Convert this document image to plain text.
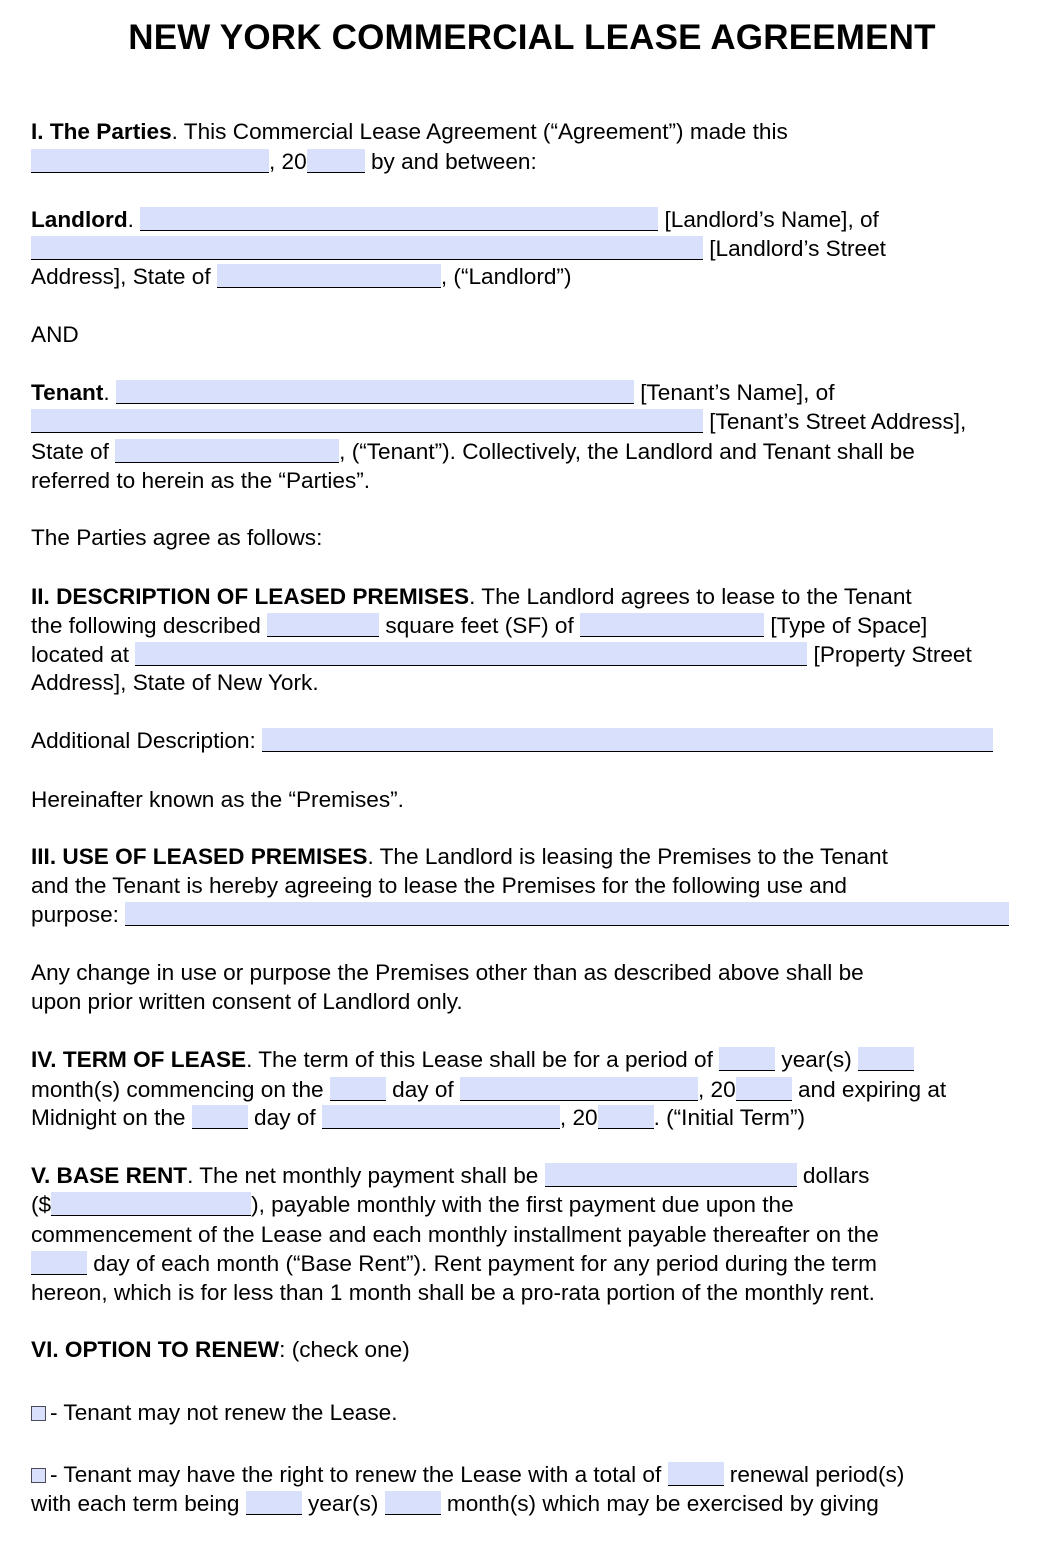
NEW YORK COMMERCIAL LEASE AGREEMENT
I. The Parties. This Commercial Lease Agreement (“Agreement”) made this
, 20	by and between:
Landlord.	[Landlord’s Name], of
[Landlord’s Street
Address], State of	, (“Landlord”)
AND
Tenant.	[Tenant’s Name], of
[Tenant’s Street Address],
State of	, (“Tenant”). Collectively, the Landlord and Tenant shall be
referred to herein as the “Parties”.
The Parties agree as follows:
II. DESCRIPTION OF LEASED PREMISES. The Landlord agrees to lease to the Tenant
the following described	square feet (SF) of	[Type of Space]
located at	[Property Street
Address], State of New York.
Additional Description:
Hereinafter known as the “Premises”.
III. USE OF LEASED PREMISES. The Landlord is leasing the Premises to the Tenant
and the Tenant is hereby agreeing to lease the Premises for the following use and
purpose:
Any change in use or purpose the Premises other than as described above shall be
upon prior written consent of Landlord only.
IV. TERM OF LEASE. The term of this Lease shall be for a period of  year(s)
month(s) commencing on the  day of	, 20 and expiring at
Midnight on the  day of	, 20 . (“Initial Term”)
V. BASE RENT. The net monthly payment shall be	dollars
($	), payable monthly with the first payment due upon the
commencement of the Lease and each monthly installment payable thereafter on the
day of each month (“Base Rent”). Rent payment for any period during the term
hereon, which is for less than 1 month shall be a pro-rata portion of the monthly rent.
VI. OPTION TO RENEW: (check one)
- Tenant may not renew the Lease.
- Tenant may have the right to renew the Lease with a total of  renewal period(s)
with each term being  year(s)  month(s) which may be exercised by giving
